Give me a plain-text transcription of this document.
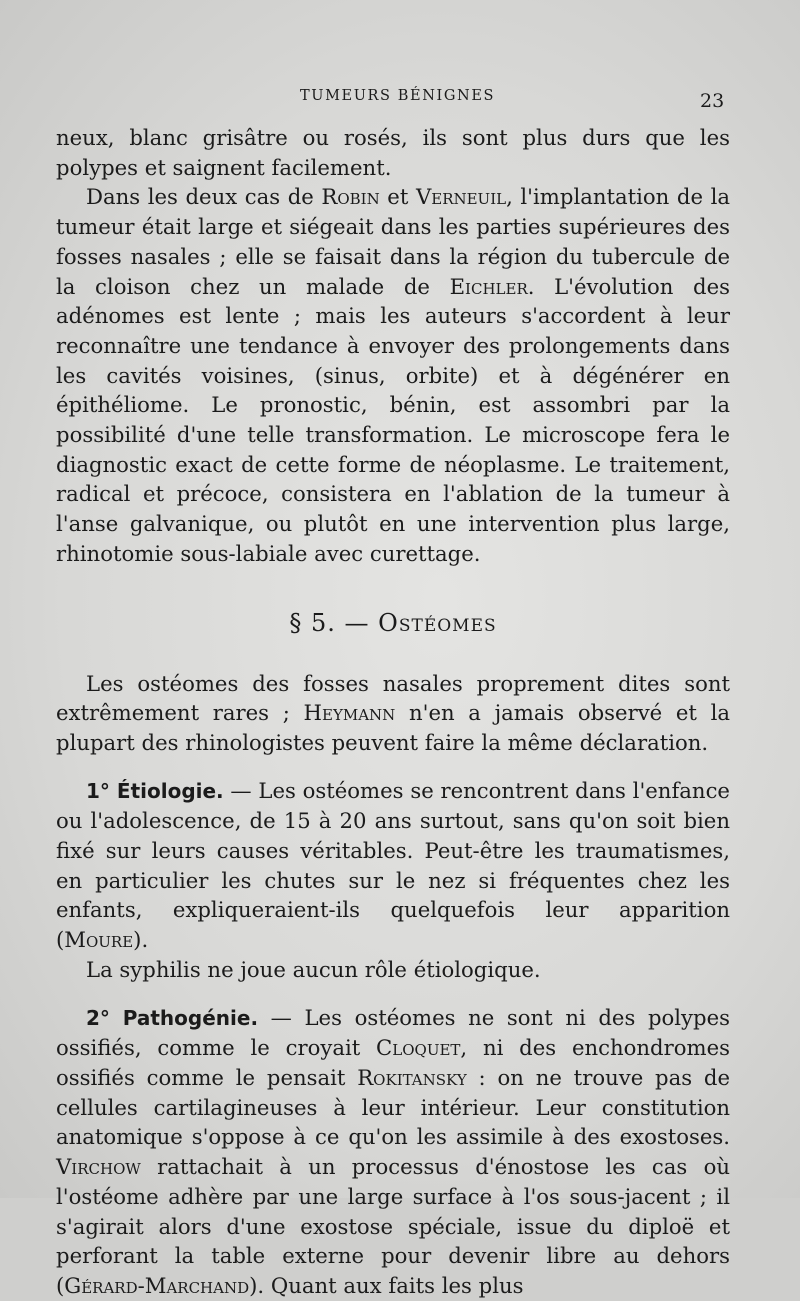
TUMEURS BÉNIGNES	23

neux, blanc grisâtre ou rosés, ils sont plus durs que les polypes et saignent facilement.

Dans les deux cas de Robin et Verneuil, l'implantation de la tumeur était large et siégeait dans les parties supérieures des fosses nasales ; elle se faisait dans la région du tubercule de la cloison chez un malade de Eichler. L'évolution des adénomes est lente ; mais les auteurs s'accordent à leur reconnaître une tendance à envoyer des prolongements dans les cavités voisines, (sinus, orbite) et à dégénérer en épithéliome. Le pronostic, bénin, est assombri par la possibilité d'une telle transformation. Le microscope fera le diagnostic exact de cette forme de néoplasme. Le traitement, radical et précoce, consistera en l'ablation de la tumeur à l'anse galvanique, ou plutôt en une intervention plus large, rhinotomie sous-labiale avec curettage.

§ 5. — Ostéomes

Les ostéomes des fosses nasales proprement dites sont extrêmement rares ; Heymann n'en a jamais observé et la plupart des rhinologistes peuvent faire la même déclaration.

1° Étiologie. — Les ostéomes se rencontrent dans l'enfance ou l'adolescence, de 15 à 20 ans surtout, sans qu'on soit bien fixé sur leurs causes véritables. Peut-être les traumatismes, en particulier les chutes sur le nez si fréquentes chez les enfants, expliqueraient-ils quelquefois leur apparition (Moure).

La syphilis ne joue aucun rôle étiologique.

2° Pathogénie. — Les ostéomes ne sont ni des polypes ossifiés, comme le croyait Cloquet, ni des enchondromes ossifiés comme le pensait Rokitansky : on ne trouve pas de cellules cartilagineuses à leur intérieur. Leur constitution anatomique s'oppose à ce qu'on les assimile à des exostoses. Virchow rattachait à un processus d'énostose les cas où l'ostéome adhère par une large surface à l'os sous-jacent ; il s'agirait alors d'une exostose spéciale, issue du diploë et perforant la table externe pour devenir libre au dehors (Gérard-Marchand). Quant aux faits les plus
